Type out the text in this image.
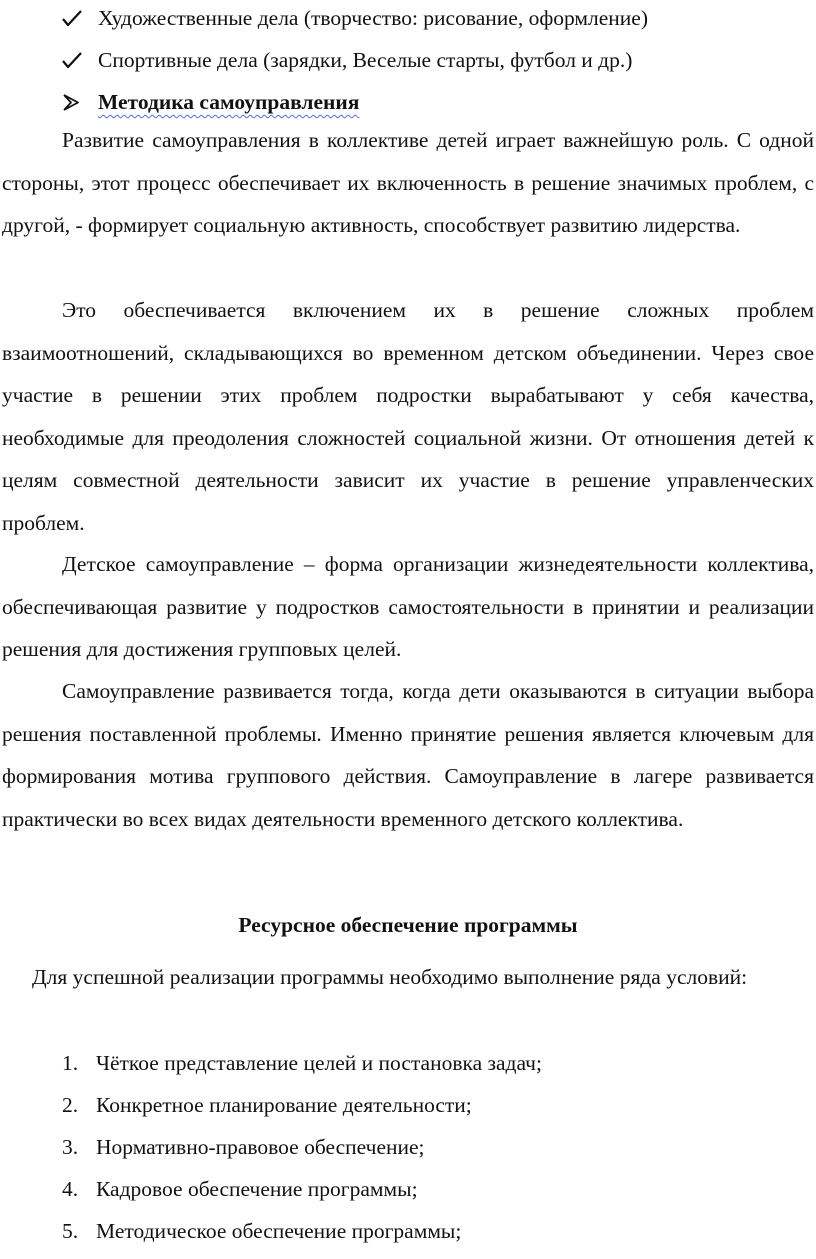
Художественные дела (творчество: рисование, оформление)
Спортивные дела (зарядки, Веселые старты, футбол и др.)
Методика самоуправления

Развитие самоуправления в коллективе детей играет важнейшую роль. С одной стороны, этот процесс обеспечивает их включенность в решение значимых проблем, с другой, - формирует социальную активность, способствует развитию лидерства.

Это обеспечивается включением их в решение сложных проблем взаимоотношений, складывающихся во временном детском объединении. Через свое участие в решении этих проблем подростки вырабатывают у себя качества, необходимые для преодоления сложностей социальной жизни. От отношения детей к целям совместной деятельности зависит их участие в решение управленческих проблем.

Детское самоуправление – форма организации жизнедеятельности коллектива, обеспечивающая развитие у подростков самостоятельности в принятии и реализации решения для достижения групповых целей.

Самоуправление развивается тогда, когда дети оказываются в ситуации выбора решения поставленной проблемы. Именно принятие решения является ключевым для формирования мотива группового действия. Самоуправление в лагере развивается практически во всех видах деятельности временного детского коллектива.

Ресурсное обеспечение программы

Для успешной реализации программы необходимо выполнение ряда условий:

1. Чёткое представление целей и постановка задач;
2. Конкретное планирование деятельности;
3. Нормативно-правовое обеспечение;
4. Кадровое обеспечение программы;
5. Методическое обеспечение программы;
